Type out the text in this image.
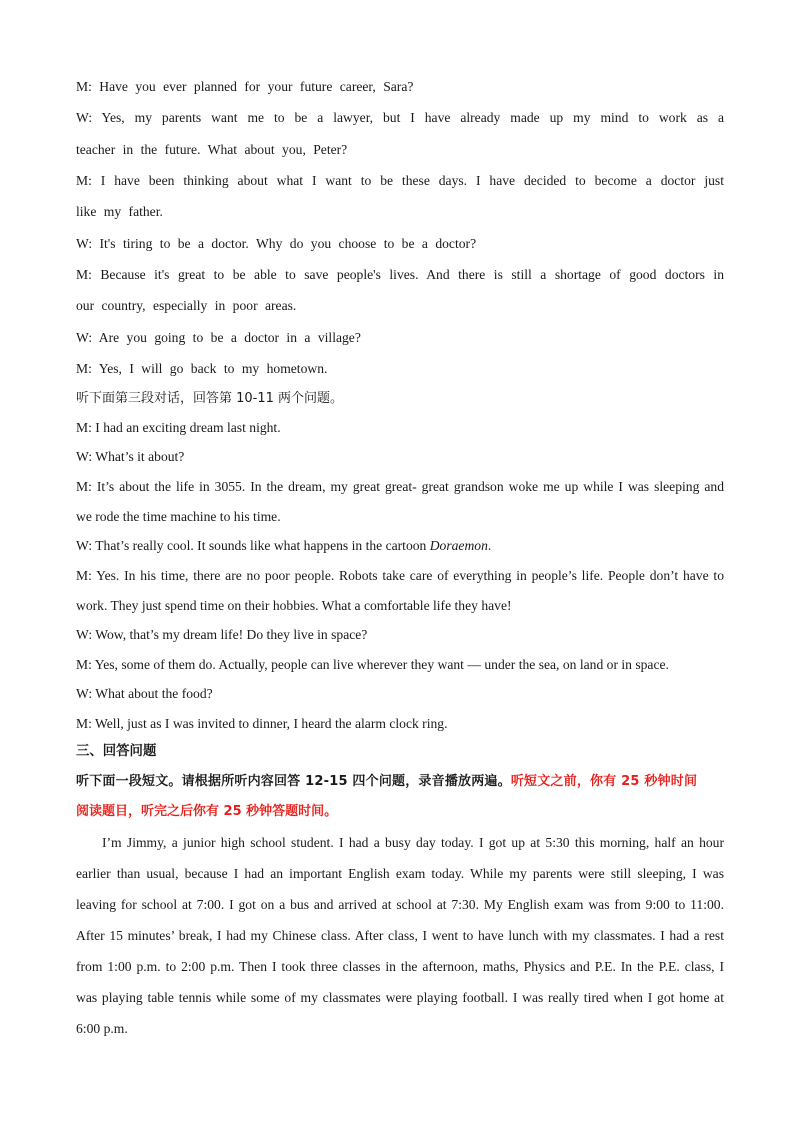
M: Have you ever planned for your future career, Sara?
W: Yes, my parents want me to be a lawyer, but I have already made up my mind to work as a
teacher in the future. What about you, Peter?
M: I have been thinking about what I want to be these days. I have decided to become a doctor just
like my father.
W: It's tiring to be a doctor. Why do you choose to be a doctor?
M: Because it's great to be able to save people's lives. And there is still a shortage of good doctors in
our country, especially in poor areas.
W: Are you going to be a doctor in a village?
M: Yes, I will go back to my hometown.
听下面第三段对话，回答第 10-11 两个问题。
M: I had an exciting dream last night.
W: What’s it about?
M: It’s about the life in 3055. In the dream, my great great- great grandson woke me up while I was sleeping and
we rode the time machine to his time.
W: That’s really cool. It sounds like what happens in the cartoon Doraemon.
M: Yes. In his time, there are no poor people. Robots take care of everything in people’s life. People don’t have to
work. They just spend time on their hobbies. What a comfortable life they have!
W: Wow, that’s my dream life! Do they live in space?
M: Yes, some of them do. Actually, people can live wherever they want — under the sea, on land or in space.
W: What about the food?
M: Well, just as I was invited to dinner, I heard the alarm clock ring.
三、回答问题
听下面一段短文。请根据所听内容回答 12-15 四个问题，录音播放两遍。听短文之前，你有 25 秒钟时间
阅读题目，听完之后你有 25 秒钟答题时间。
I’m Jimmy, a junior high school student. I had a busy day today. I got up at 5:30 this morning, half an hour
earlier than usual, because I had an important English exam today. While my parents were still sleeping, I was
leaving for school at 7:00. I got on a bus and arrived at school at 7:30. My English exam was from 9:00 to 11:00.
After 15 minutes’ break, I had my Chinese class. After class, I went to have lunch with my classmates. I had a rest
from 1:00 p.m. to 2:00 p.m. Then I took three classes in the afternoon, maths, Physics and P.E. In the P.E. class, I
was playing table tennis while some of my classmates were playing football. I was really tired when I got home at
6:00 p.m.
